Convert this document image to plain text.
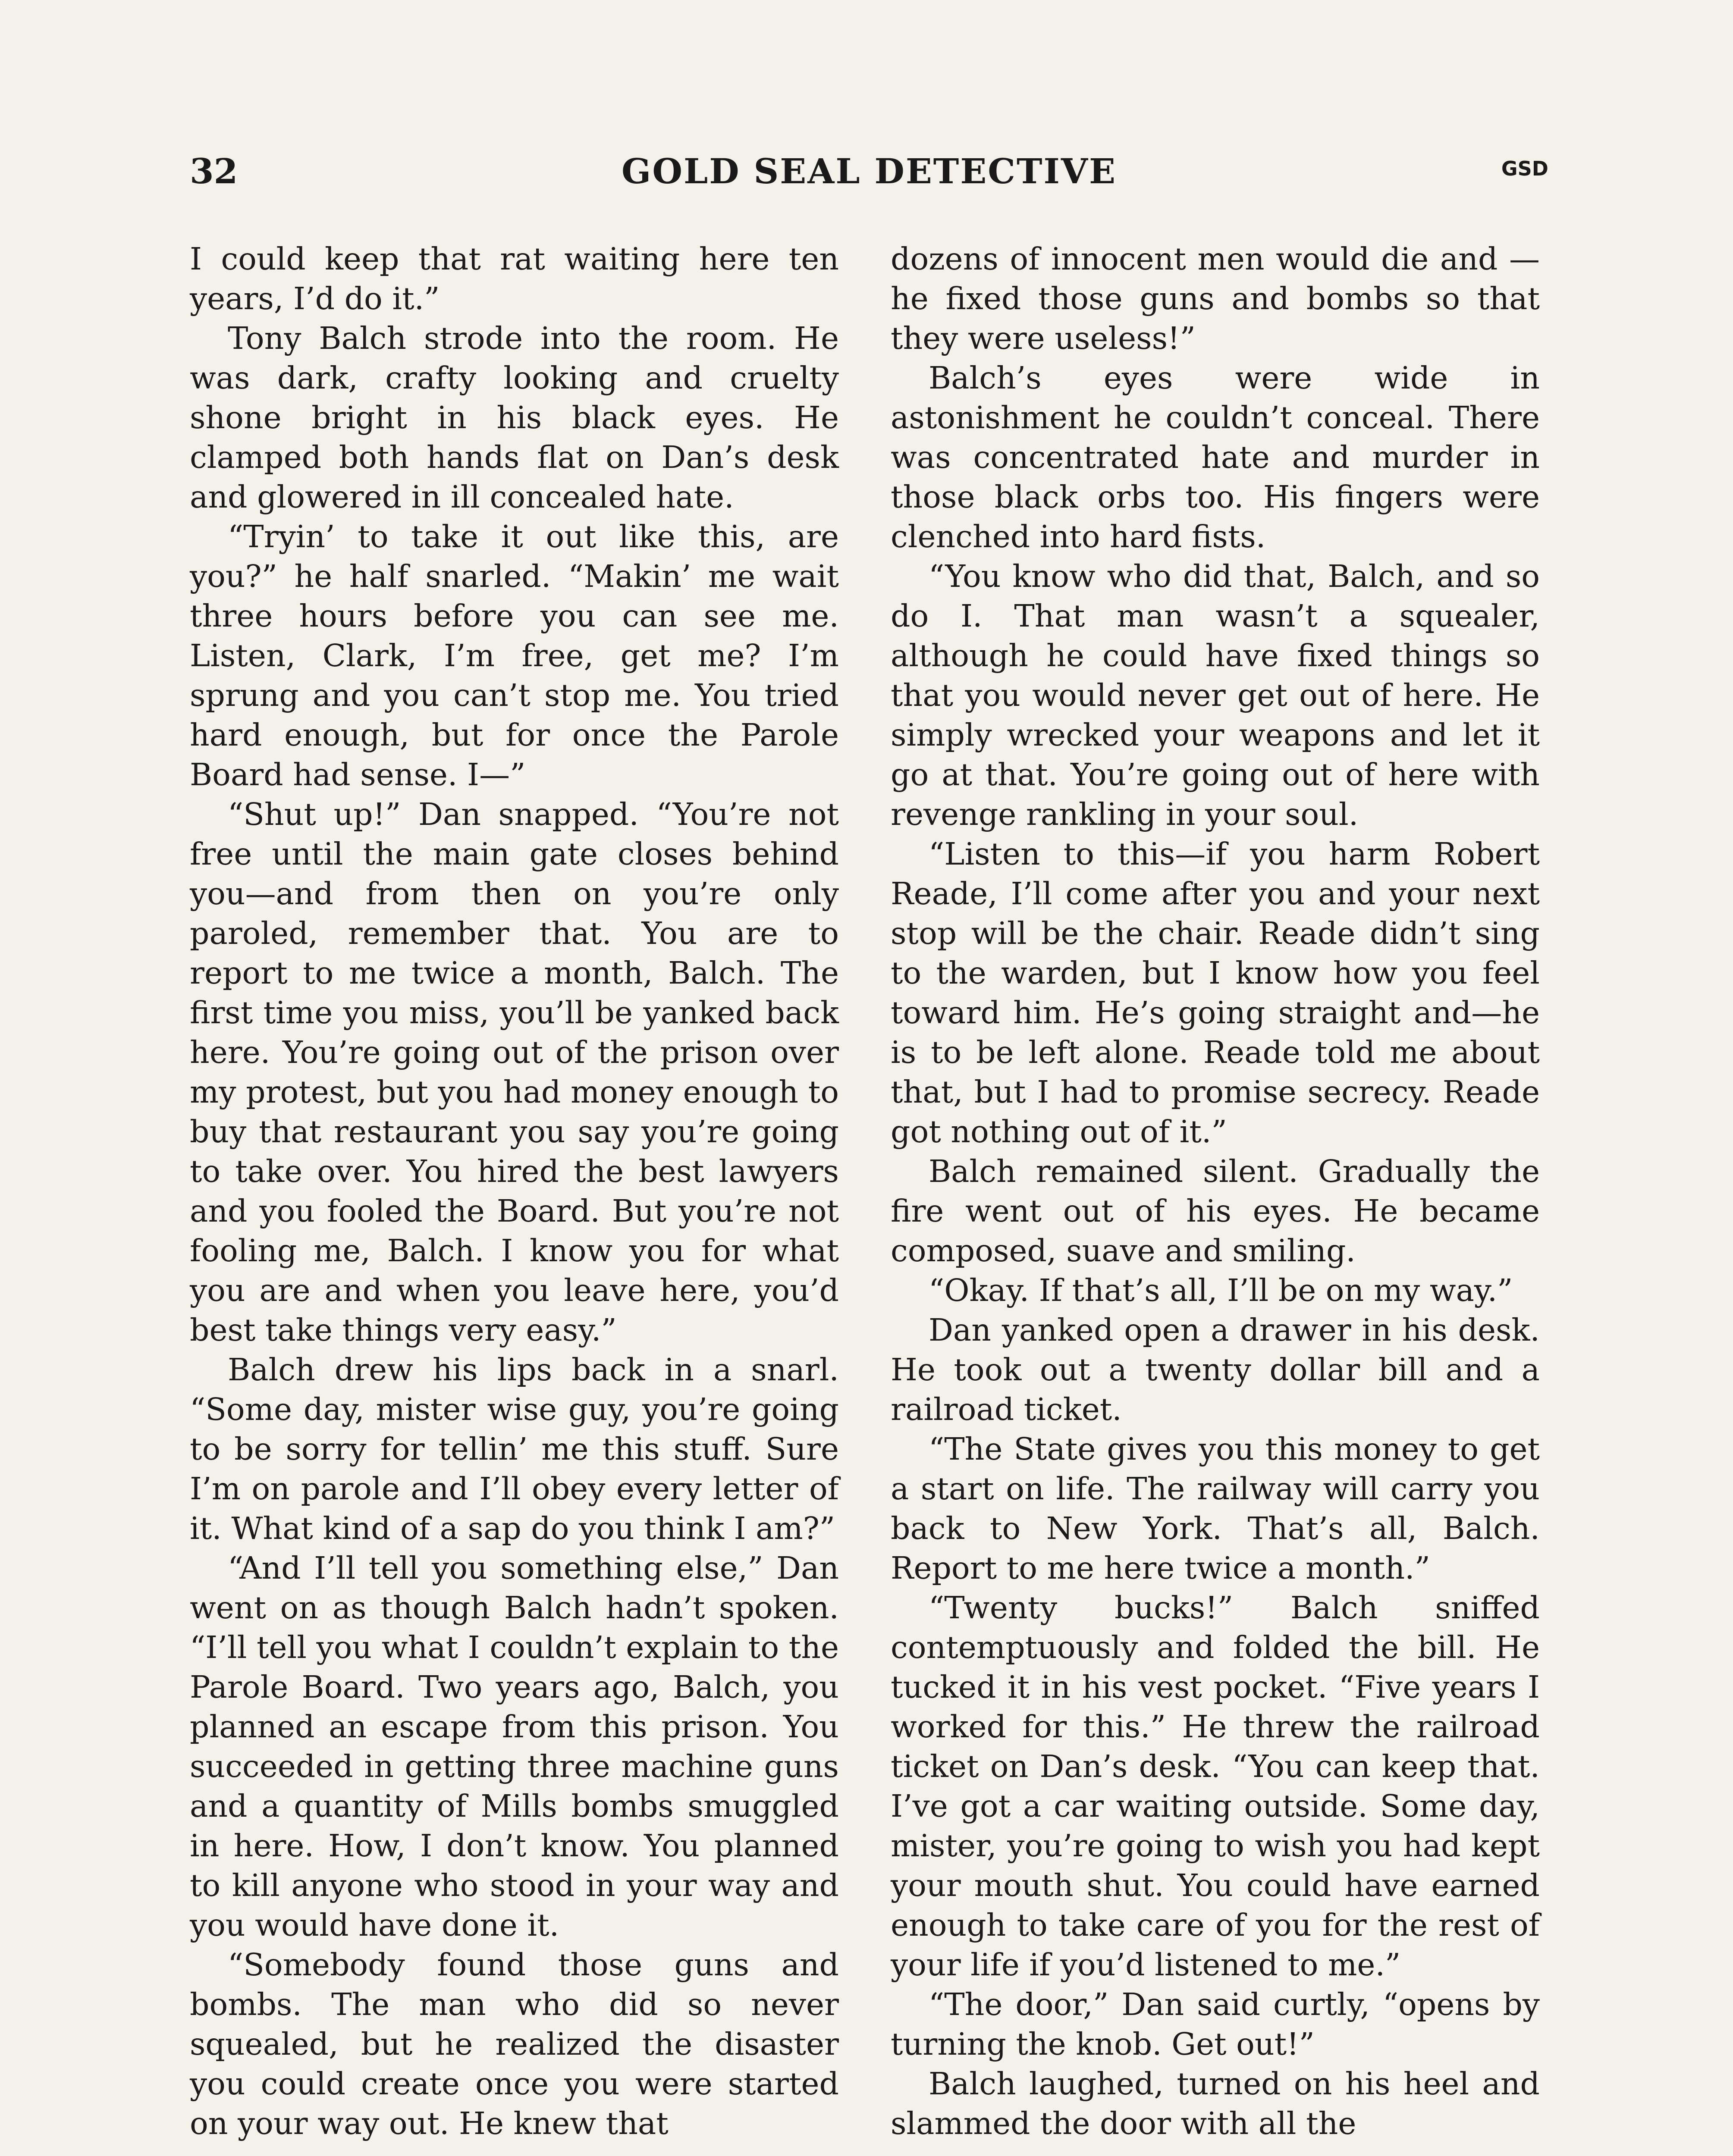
32	GOLD SEAL DETECTIVE	GSD

I could keep that rat waiting here ten years, I’d do it.”

Tony Balch strode into the room. He was dark, crafty looking and cruelty shone bright in his black eyes. He clamped both hands flat on Dan’s desk and glowered in ill concealed hate.

“Tryin’ to take it out like this, are you?” he half snarled. “Makin’ me wait three hours before you can see me. Listen, Clark, I’m free, get me? I’m sprung and you can’t stop me. You tried hard enough, but for once the Parole Board had sense. I—”

“Shut up!” Dan snapped. “You’re not free until the main gate closes behind you—and from then on you’re only paroled, remember that. You are to report to me twice a month, Balch. The first time you miss, you’ll be yanked back here. You’re going out of the prison over my protest, but you had money enough to buy that restaurant you say you’re going to take over. You hired the best lawyers and you fooled the Board. But you’re not fooling me, Balch. I know you for what you are and when you leave here, you’d best take things very easy.”

Balch drew his lips back in a snarl. “Some day, mister wise guy, you’re going to be sorry for tellin’ me this stuff. Sure I’m on parole and I’ll obey every letter of it. What kind of a sap do you think I am?”

“And I’ll tell you something else,” Dan went on as though Balch hadn’t spoken. “I’ll tell you what I couldn’t explain to the Parole Board. Two years ago, Balch, you planned an escape from this prison. You succeeded in getting three machine guns and a quantity of Mills bombs smuggled in here. How, I don’t know. You planned to kill anyone who stood in your way and you would have done it.

“Somebody found those guns and bombs. The man who did so never squealed, but he realized the disaster you could create once you were started on your way out. He knew that

dozens of innocent men would die and —he fixed those guns and bombs so that they were useless!”

Balch’s eyes were wide in astonishment he couldn’t conceal. There was concentrated hate and murder in those black orbs too. His fingers were clenched into hard fists.

“You know who did that, Balch, and so do I. That man wasn’t a squealer, although he could have fixed things so that you would never get out of here. He simply wrecked your weapons and let it go at that. You’re going out of here with revenge rankling in your soul.

“Listen to this—if you harm Robert Reade, I’ll come after you and your next stop will be the chair. Reade didn’t sing to the warden, but I know how you feel toward him. He’s going straight and—he is to be left alone. Reade told me about that, but I had to promise secrecy. Reade got nothing out of it.”

Balch remained silent. Gradually the fire went out of his eyes. He became composed, suave and smiling.

“Okay. If that’s all, I’ll be on my way.”

Dan yanked open a drawer in his desk. He took out a twenty dollar bill and a railroad ticket.

“The State gives you this money to get a start on life. The railway will carry you back to New York. That’s all, Balch. Report to me here twice a month.”

“Twenty bucks!” Balch sniffed contemptuously and folded the bill. He tucked it in his vest pocket. “Five years I worked for this.” He threw the railroad ticket on Dan’s desk. “You can keep that. I’ve got a car waiting outside. Some day, mister, you’re going to wish you had kept your mouth shut. You could have earned enough to take care of you for the rest of your life if you’d listened to me.”

“The door,” Dan said curtly, “opens by turning the knob. Get out!”

Balch laughed, turned on his heel and slammed the door with all the
